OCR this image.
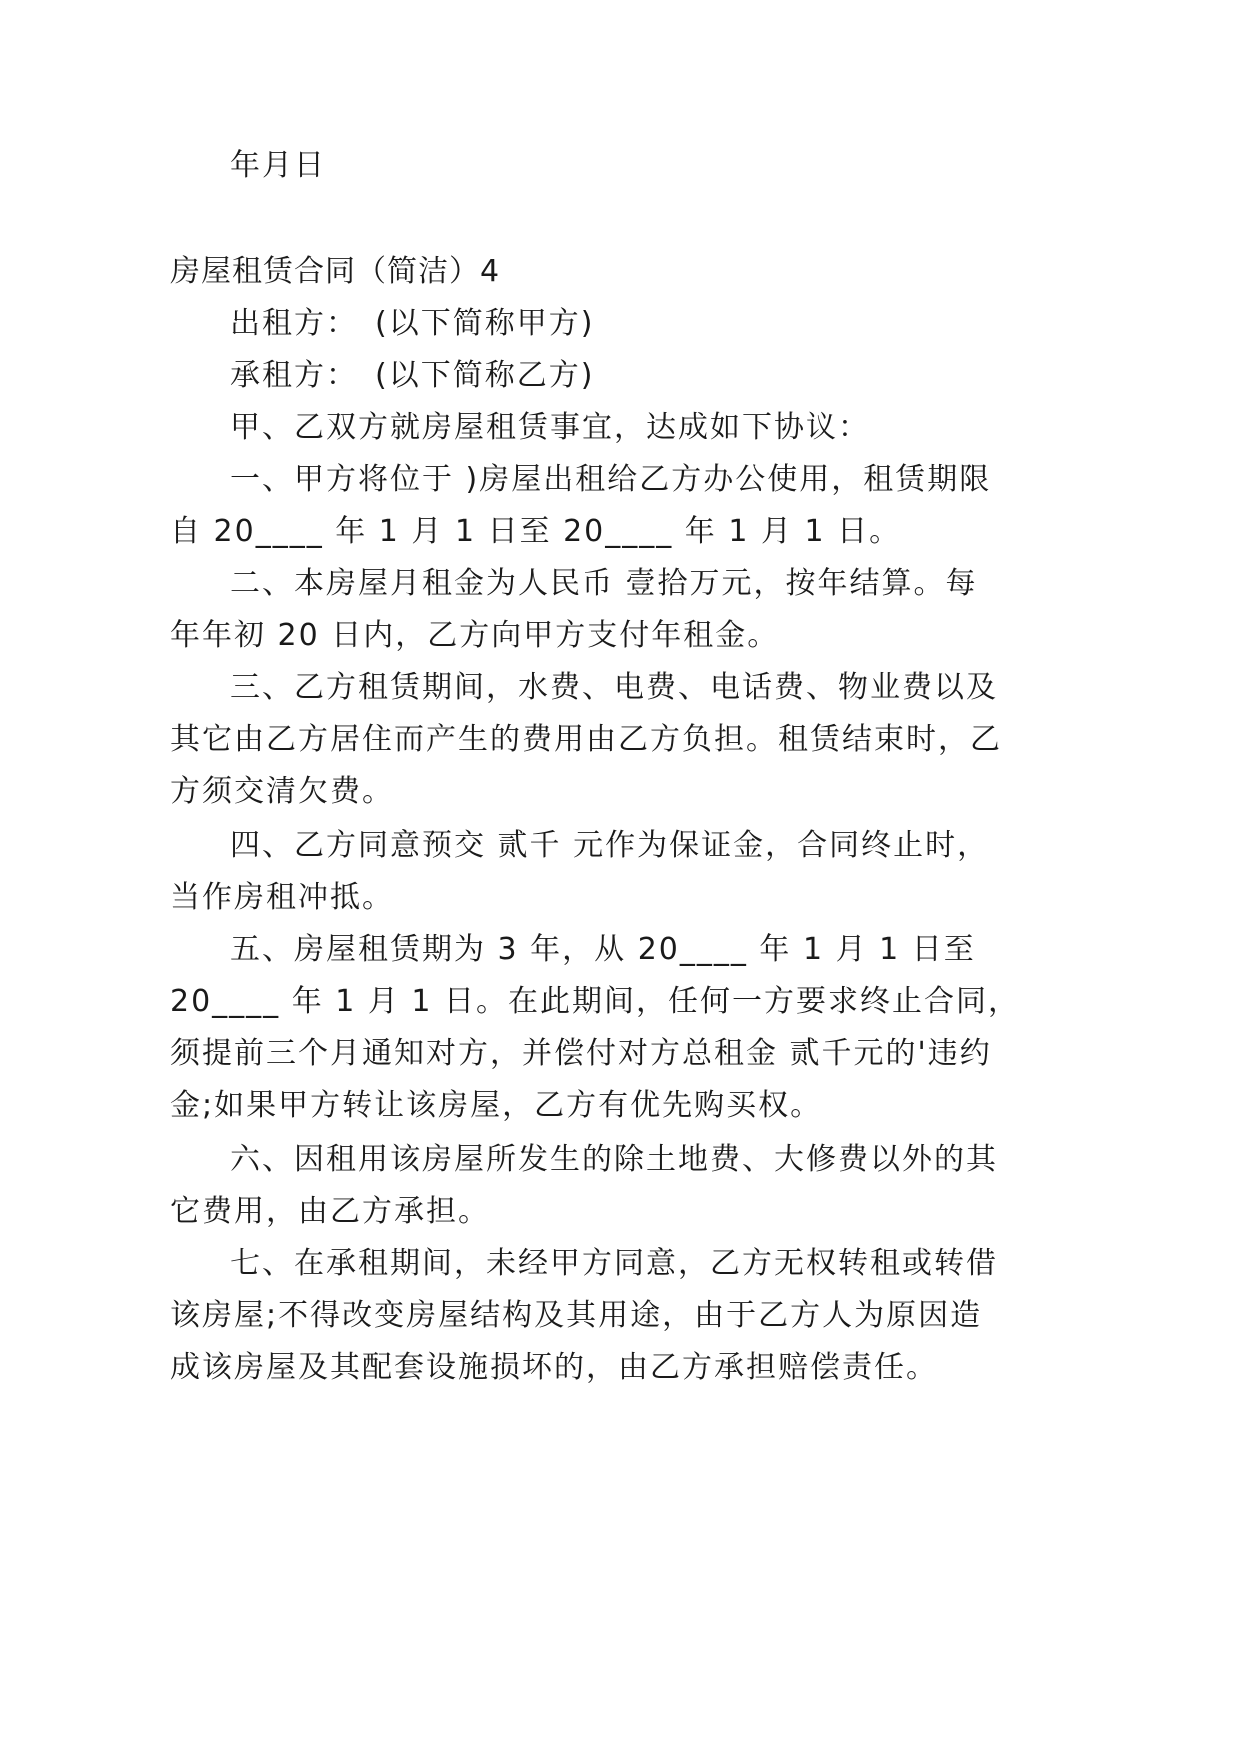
年月日
房屋租赁合同（简洁）4
出租方：　(以下简称甲方)
承租方：　(以下简称乙方)
甲、乙双方就房屋租赁事宜，达成如下协议：
一、甲方将位于 )房屋出租给乙方办公使用，租赁期限
自 20____ 年 1 月 1 日至 20____ 年 1 月 1 日。
二、本房屋月租金为人民币 壹拾万元，按年结算。每
年年初 20 日内，乙方向甲方支付年租金。
三、乙方租赁期间，水费、电费、电话费、物业费以及
其它由乙方居住而产生的费用由乙方负担。租赁结束时，乙
方须交清欠费。
四、乙方同意预交 贰千 元作为保证金，合同终止时，
当作房租冲抵。
五、房屋租赁期为 3 年，从 20____ 年 1 月 1 日至
20____ 年 1 月 1 日。在此期间，任何一方要求终止合同，
须提前三个月通知对方，并偿付对方总租金 贰千元的'违约
金;如果甲方转让该房屋，乙方有优先购买权。
六、因租用该房屋所发生的除土地费、大修费以外的其
它费用，由乙方承担。
七、在承租期间，未经甲方同意，乙方无权转租或转借
该房屋;不得改变房屋结构及其用途，由于乙方人为原因造
成该房屋及其配套设施损坏的，由乙方承担赔偿责任。
